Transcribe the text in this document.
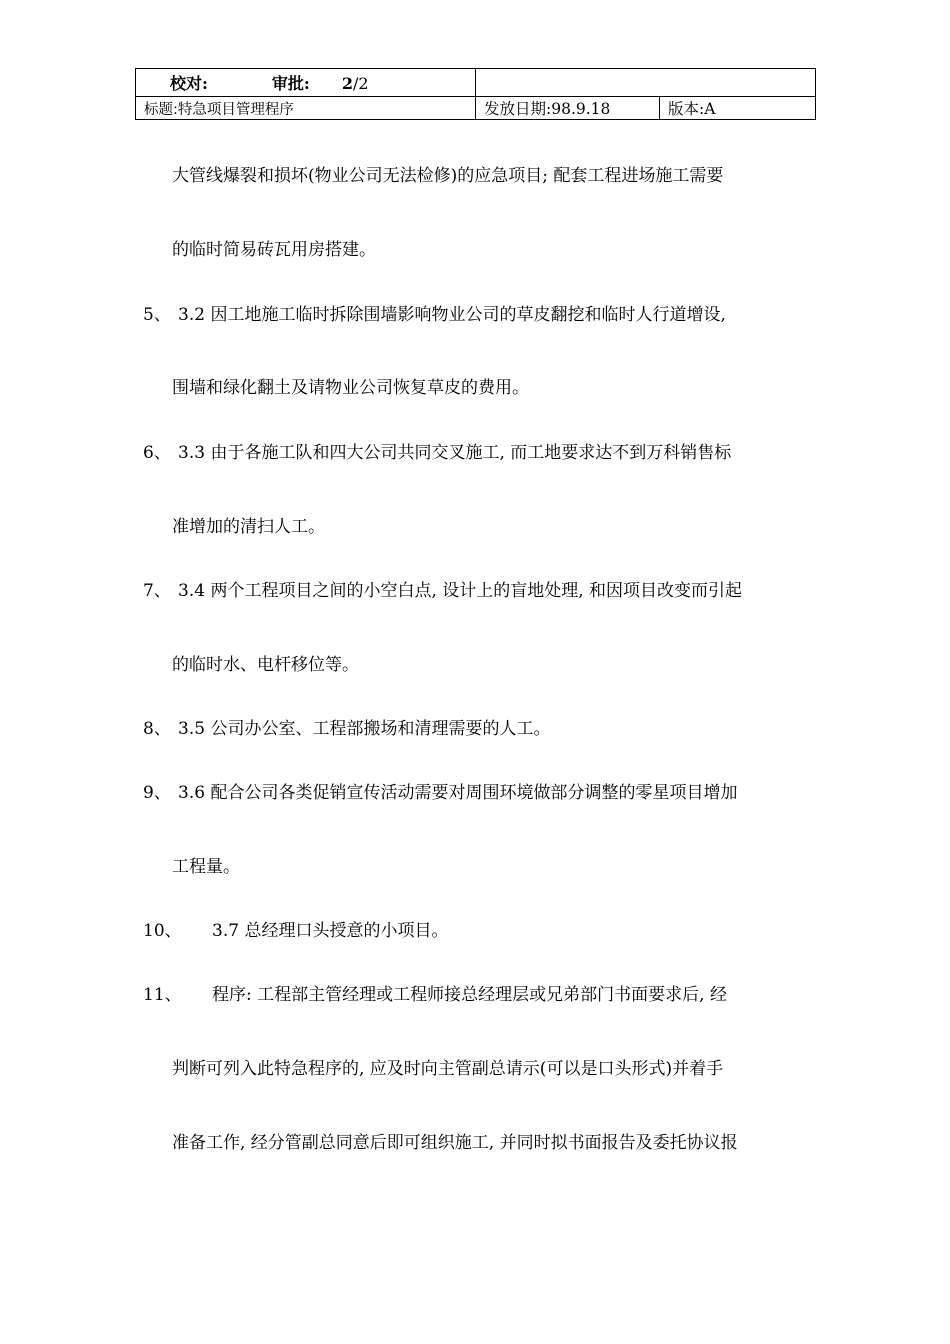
校对: 审批: 2/2		
标题:特急项目管理程序	发放日期:98.9.18	版本:A
5、
6、
7、
8、
9、
10、
11、
大管线爆裂和损坏(物业公司无法检修)的应急项目; 配套工程进场施工需要
的临时简易砖瓦用房搭建。
3.2 因工地施工临时拆除围墙影响物业公司的草皮翻挖和临时人行道增设,
围墙和绿化翻土及请物业公司恢复草皮的费用。
3.3 由于各施工队和四大公司共同交叉施工, 而工地要求达不到万科销售标
准增加的清扫人工。
3.4 两个工程项目之间的小空白点, 设计上的盲地处理, 和因项目改变而引起
的临时水、电杆移位等。
3.5 公司办公室、工程部搬场和清理需要的人工。
3.6 配合公司各类促销宣传活动需要对周围环境做部分调整的零星项目增加
工程量。
3.7 总经理口头授意的小项目。
程序: 工程部主管经理或工程师接总经理层或兄弟部门书面要求后, 经
判断可列入此特急程序的, 应及时向主管副总请示(可以是口头形式)并着手
准备工作, 经分管副总同意后即可组织施工, 并同时拟书面报告及委托协议报
